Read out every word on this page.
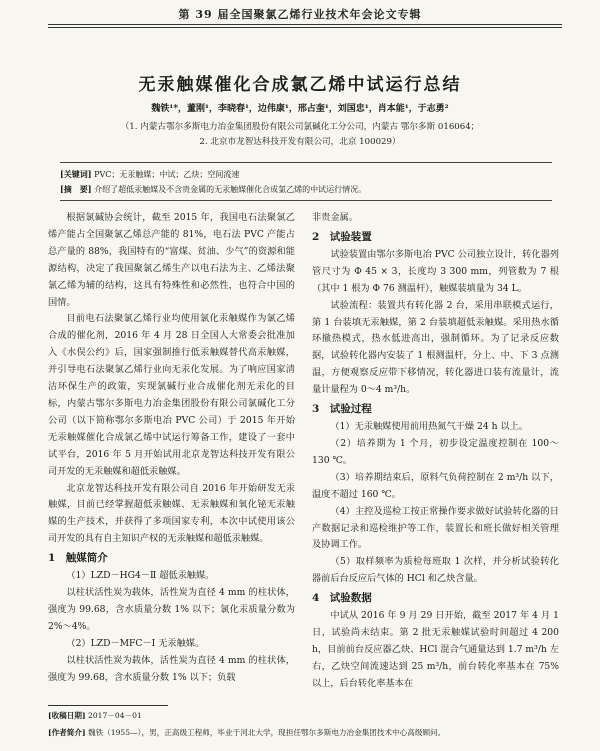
第 39 届全国聚氯乙烯行业技术年会论文专辑
无汞触媒催化合成氯乙烯中试运行总结
魏铁¹*，董刚¹，李晓春¹，边伟康¹，邢占奎¹，刘国忠¹，肖本能¹，于志勇²
（1. 内蒙古鄂尔多斯电力冶金集团股份有限公司氯碱化工分公司，内蒙古 鄂尔多斯 016064；
2. 北京市龙智达科技开发有限公司，北京 100029）
[关键词] PVC；无汞触媒；中试；乙炔；空间流速
[摘　要] 介绍了超低汞触媒及不含贵金属的无汞触媒催化合成氯乙烯的中试运行情况。

根据氯碱协会统计，截至 2015 年，我国电石法聚氯乙烯产能占全国聚氯乙烯总产能的 81%，电石法 PVC 产能占总产量的 88%，我国特有的“富煤、贫油、少气”的资源和能源结构，决定了我国聚氯乙烯生产以电石法为主、乙烯法聚氯乙烯为辅的结构，这具有特殊性和必然性，也符合中国的国情。

目前电石法聚氯乙烯行业均使用氯化汞触媒作为氯乙烯合成的催化剂，2016 年 4 月 28 日全国人大常委会批准加入《水俣公约》后，国家强制推行低汞触媒替代高汞触媒，并引导电石法聚氯乙烯行业向无汞化发展。为了响应国家清洁环保生产的政策，实现氯碱行业合成催化剂无汞化的目标，内蒙古鄂尔多斯电力冶金集团股份有限公司氯碱化工分公司（以下简称鄂尔多斯电冶 PVC 公司）于 2015 年开始无汞触媒催化合成氯乙烯中试运行筹备工作，建设了一套中试平台，2016 年 5 月开始试用北京龙智达科技开发有限公司开发的无汞触媒和超低汞触媒。

北京龙智达科技开发有限公司自 2016 年开始研发无汞触媒，目前已经掌握超低汞触媒、无汞触媒和氧化铋无汞触媒的生产技术，并获得了多项国家专利，本次中试使用该公司开发的具有自主知识产权的无汞触媒和超低汞触媒。

1　触媒简介

（1）LZD－HG4－Ⅱ 超低汞触媒。

以柱状活性炭为载体，活性炭为直径 4 mm 的柱状体，强度为 99.68，含水质量分数 1% 以下；氯化汞质量分数为 2%～4%。

（2）LZD－MFC－Ⅰ 无汞触媒。

以柱状活性炭为载体，活性炭为直径 4 mm 的柱状体，强度为 99.68，含水质量分数 1% 以下；负载

非贵金属。

2　试验装置

试验装置由鄂尔多斯电冶 PVC 公司独立设计，转化器列管尺寸为 Φ 45 × 3，长度均 3 300 mm，列管数为 7 根（其中 1 根为 Φ 76 测温杆），触媒装填量为 34 L。

试验流程：装置共有转化器 2 台，采用串联模式运行，第 1 台装填无汞触媒，第 2 台装填超低汞触媒。采用热水循环撤热模式，热水低进高出，强制循环。为了记录反应数据，试验转化器内安装了 1 根测温杆，分上、中、下 3 点测温，方便观察反应带下移情况，转化器进口装有流量计，流量计量程为 0～4 m³/h。

3　试验过程

（1）无汞触媒使用前用热氮气干燥 24 h 以上。

（2）培养期为 1 个月，初步设定温度控制在 100～130 ℃。

（3）培养期结束后，原料气负荷控制在 2 m³/h 以下，温度不超过 160 ℃。

（4）主控及巡检工按正常操作要求做好试验转化器的日产数据记录和巡检维护等工作，装置长和班长做好相关管理及协调工作。

（5）取样频率为质检每班取 1 次样，并分析试验转化器前后台反应后气体的 HCl 和乙炔含量。

4　试验数据

中试从 2016 年 9 月 29 日开始，截至 2017 年 4 月 1 日，试验尚未结束。第 2 批无汞触媒试验时间超过 4 200 h，目前前台反应器乙炔、HCl 混合气通量达到 1.7 m³/h 左右，乙炔空间流速达到 25 m³/h，前台转化率基本在 75% 以上，后台转化率基本在

[收稿日期] 2017－04－01
[作者简介] 魏铁（1955—），男，正高级工程师，毕业于河北大学，现担任鄂尔多斯电力冶金集团技术中心高级顾问。
